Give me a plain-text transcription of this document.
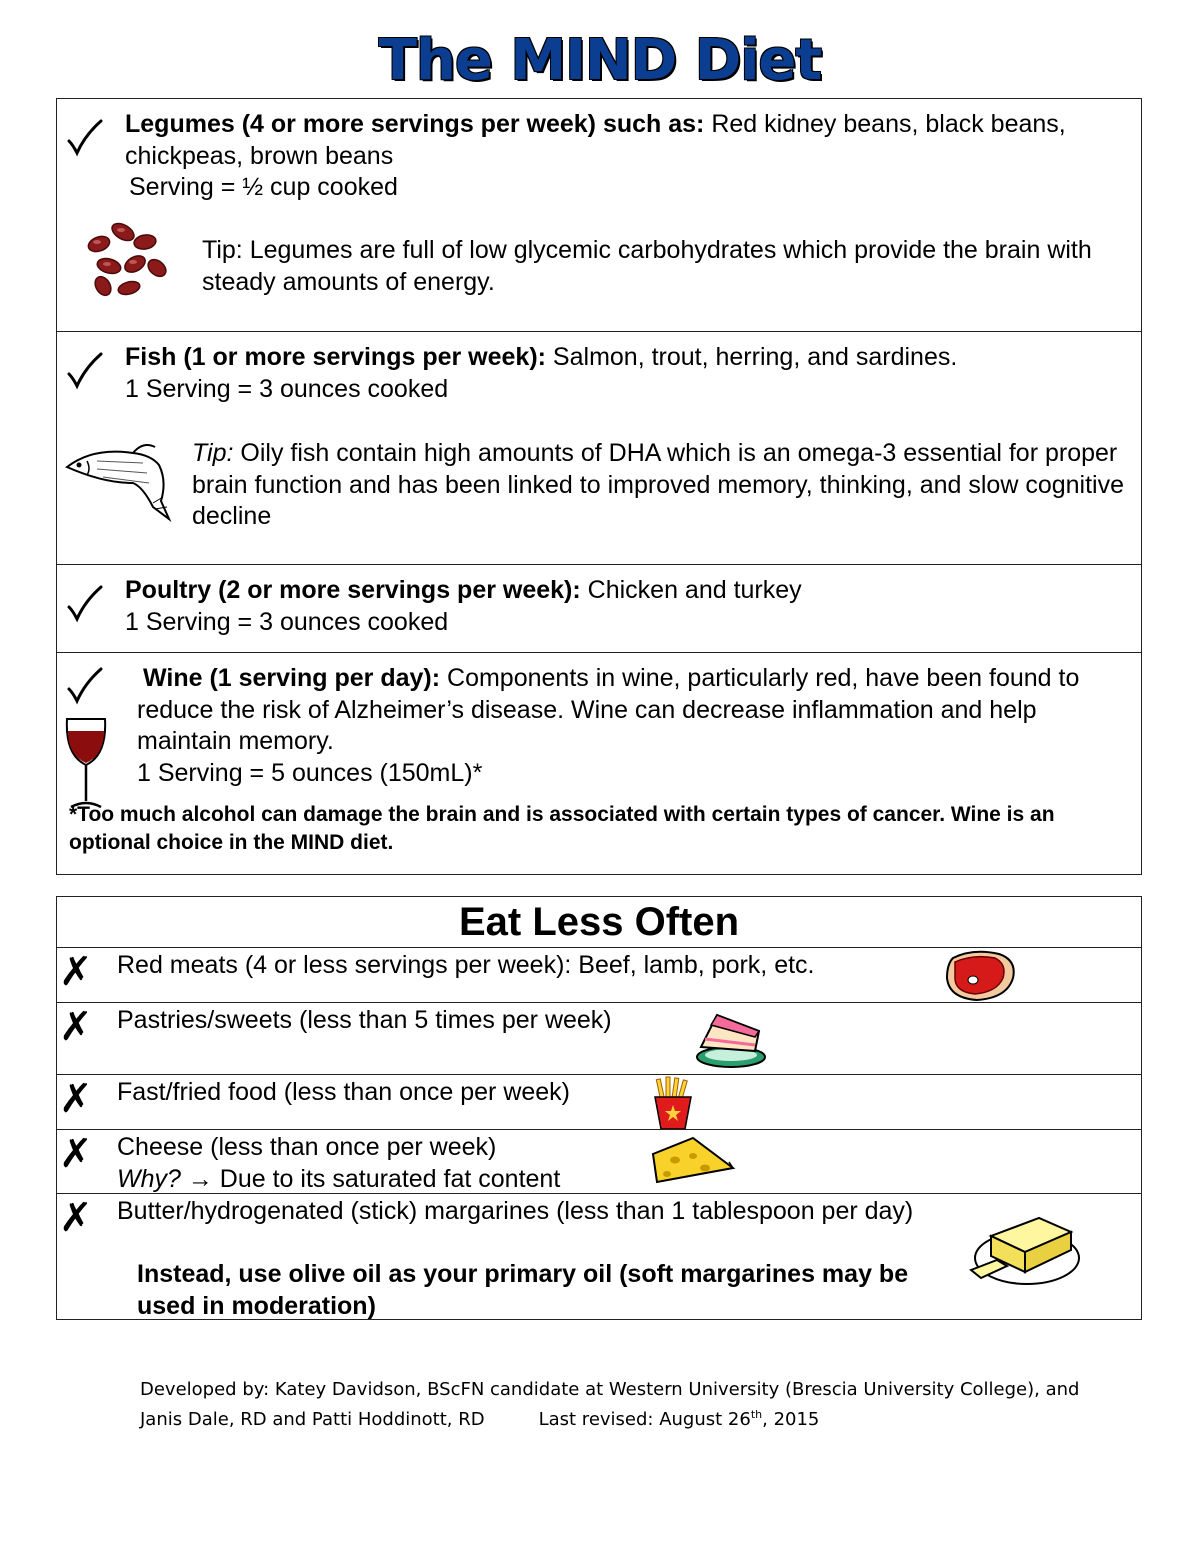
The MIND Diet
Legumes (4 or more servings per week) such as: Red kidney beans, black beans, chickpeas, brown beans
Serving = ½ cup cooked
Tip: Legumes are full of low glycemic carbohydrates which provide the brain with steady amounts of energy.
Fish (1 or more servings per week): Salmon, trout, herring, and sardines.
1 Serving = 3 ounces cooked
Tip: Oily fish contain high amounts of DHA which is an omega-3 essential for proper brain function and has been linked to improved memory, thinking, and slow cognitive decline
Poultry (2 or more servings per week): Chicken and turkey
1 Serving = 3 ounces cooked
Wine (1 serving per day): Components in wine, particularly red, have been found to reduce the risk of Alzheimer’s disease. Wine can decrease inflammation and help maintain memory.
1 Serving = 5 ounces (150mL)*
*Too much alcohol can damage the brain and is associated with certain types of cancer. Wine is an optional choice in the MIND diet.
Eat Less Often
✗ Red meats (4 or less servings per week): Beef, lamb, pork, etc.
✗ Pastries/sweets (less than 5 times per week)
✗ Fast/fried food (less than once per week)
✗ Cheese (less than once per week)
Why? → Due to its saturated fat content
✗ Butter/hydrogenated (stick) margarines (less than 1 tablespoon per day)
Instead, use olive oil as your primary oil (soft margarines may be used in moderation)
Developed by: Katey Davidson, BScFN candidate at Western University (Brescia University College), and
Janis Dale, RD and Patti Hoddinott, RD	Last revised: August 26th, 2015
